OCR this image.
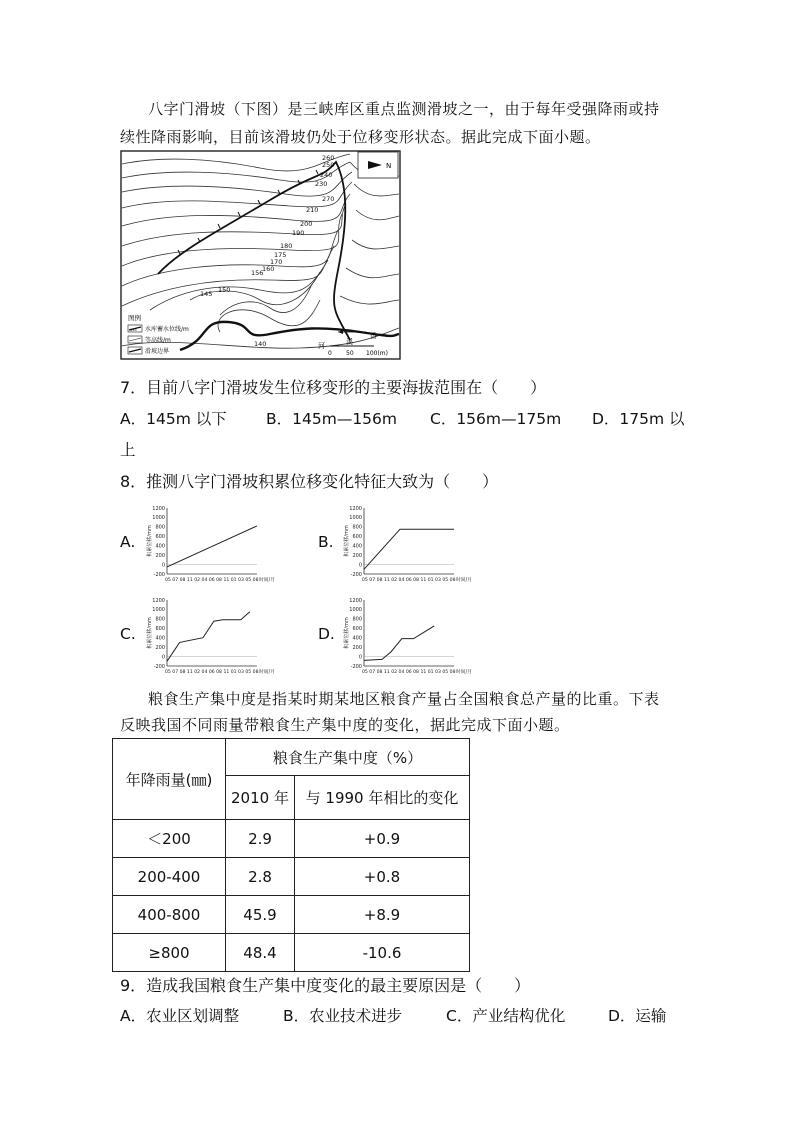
八字门滑坡（下图）是三峡库区重点监测滑坡之一，由于每年受强降雨或持
续性降雨影响，目前该滑坡仍处于位移变形状态。据此完成下面小题。
N
260
250
240
230
270
210
200
190
180
175
170
160
156
150
145
140
香
溪
河
0 50 100(m)
图例
135 水库蓄水位线/m
等高线/m
滑坡边界
7．目前八字门滑坡发生位移变形的主要海拔范围在（　　）
A．145m 以下	B．145m—156m C．156m—175m D．175m 以
上
8．推测八字门滑坡积累位移变化特征大致为（　　）
A.	B.
C.	D.
1200
1000
800
600
400
200
0
-200
积累位移/mm
05 07 08 11 02 04 06 08 11 01 03 05 08 时间/月
1200
1000
800
600
400
200
0
-200
积累位移/mm
05 07 08 11 02 04 06 08 11 01 03 05 08 时间/月
1200
1000
800
600
400
200
0
-200
积累位移/mm
05 07 08 11 02 04 06 08 11 01 03 05 08 时间/月
1200
1000
800
600
400
200
0
-200
积累位移/mm
05 07 08 11 02 04 06 08 11 01 03 05 08 时间/月
粮食生产集中度是指某时期某地区粮食产量占全国粮食总产量的比重。下表
反映我国不同雨量带粮食生产集中度的变化，据此完成下面小题。
年降雨量(㎜)	粮食生产集中度（%）	
	2010 年	与 1990 年相比的变化
＜200	2.9	+0.9
200-400	2.8	+0.8
400-800	45.9	+8.9
≥800	48.4	-10.6
9．造成我国粮食生产集中度变化的最主要原因是（　　）
A．农业区划调整	B．农业技术进步	C．产业结构优化	D．运输
